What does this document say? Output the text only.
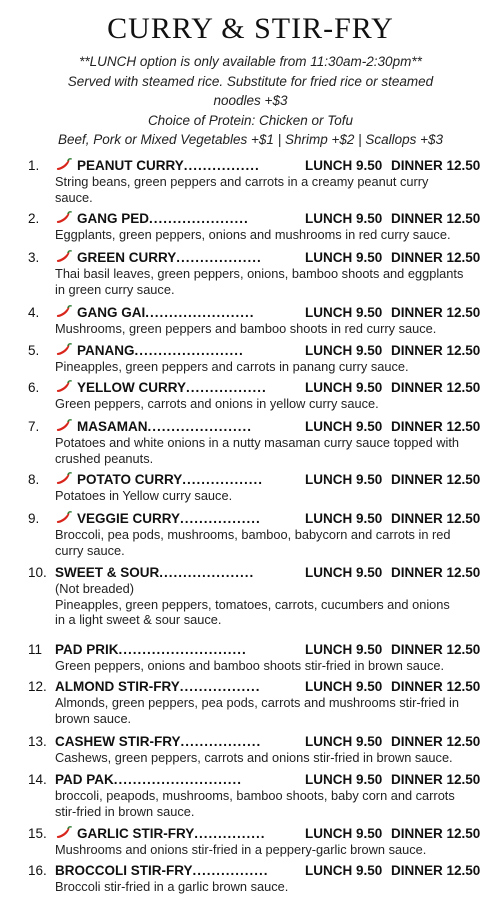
CURRY & STIR-FRY
**LUNCH option is only available from 11:30am-2:30pm**
Served with steamed rice. Substitute for fried rice or steamed
noodles +$3
Choice of Protein: Chicken or Tofu
Beef, Pork or Mixed Vegetables +$1 | Shrimp +$2 | Scallops +$3
1.	PEANUT CURRY................	LUNCH 9.50 DINNER 12.50
String beans, green peppers and carrots in a creamy peanut curry
sauce.
2.	GANG PED.....................	LUNCH 9.50 DINNER 12.50
Eggplants, green peppers, onions and mushrooms in red curry sauce.
3.	GREEN CURRY..................	LUNCH 9.50 DINNER 12.50
Thai basil leaves, green peppers, onions, bamboo shoots and eggplants
in green curry sauce.
4.	GANG GAI.......................	LUNCH 9.50 DINNER 12.50
Mushrooms, green peppers and bamboo shoots in red curry sauce.
5.	PANANG.......................	LUNCH 9.50 DINNER 12.50
Pineapples, green peppers and carrots in panang curry sauce.
6.	YELLOW CURRY.................	LUNCH 9.50 DINNER 12.50
Green peppers, carrots and onions in yellow curry sauce.
7.	MASAMAN......................	LUNCH 9.50 DINNER 12.50
Potatoes and white onions in a nutty masaman curry sauce topped with
crushed peanuts.
8.	POTATO CURRY.................	LUNCH 9.50 DINNER 12.50
Potatoes in Yellow curry sauce.
9.	VEGGIE CURRY.................	LUNCH 9.50 DINNER 12.50
Broccoli, pea pods, mushrooms, bamboo, babycorn and carrots in red
curry sauce.
10. SWEET & SOUR....................	LUNCH 9.50 DINNER 12.50
(Not breaded)
Pineapples, green peppers, tomatoes, carrots, cucumbers and onions
in a light sweet & sour sauce.
11 PAD PRIK...........................	LUNCH 9.50 DINNER 12.50
Green peppers, onions and bamboo shoots stir-fried in brown sauce.
12. ALMOND STIR-FRY.................	LUNCH 9.50 DINNER 12.50
Almonds, green peppers, pea pods, carrots and mushrooms stir-fried in
brown sauce.
13. CASHEW STIR-FRY.................	LUNCH 9.50 DINNER 12.50
Cashews, green peppers, carrots and onions stir-fried in brown sauce.
14. PAD PAK...........................	LUNCH 9.50 DINNER 12.50
broccoli, peapods, mushrooms, bamboo shoots, baby corn and carrots
stir-fried in brown sauce.
15.	GARLIC STIR-FRY...............	LUNCH 9.50 DINNER 12.50
Mushrooms and onions stir-fried in a peppery-garlic brown sauce.
16. BROCCOLI STIR-FRY................	LUNCH 9.50 DINNER 12.50
Broccoli stir-fried in a garlic brown sauce.
